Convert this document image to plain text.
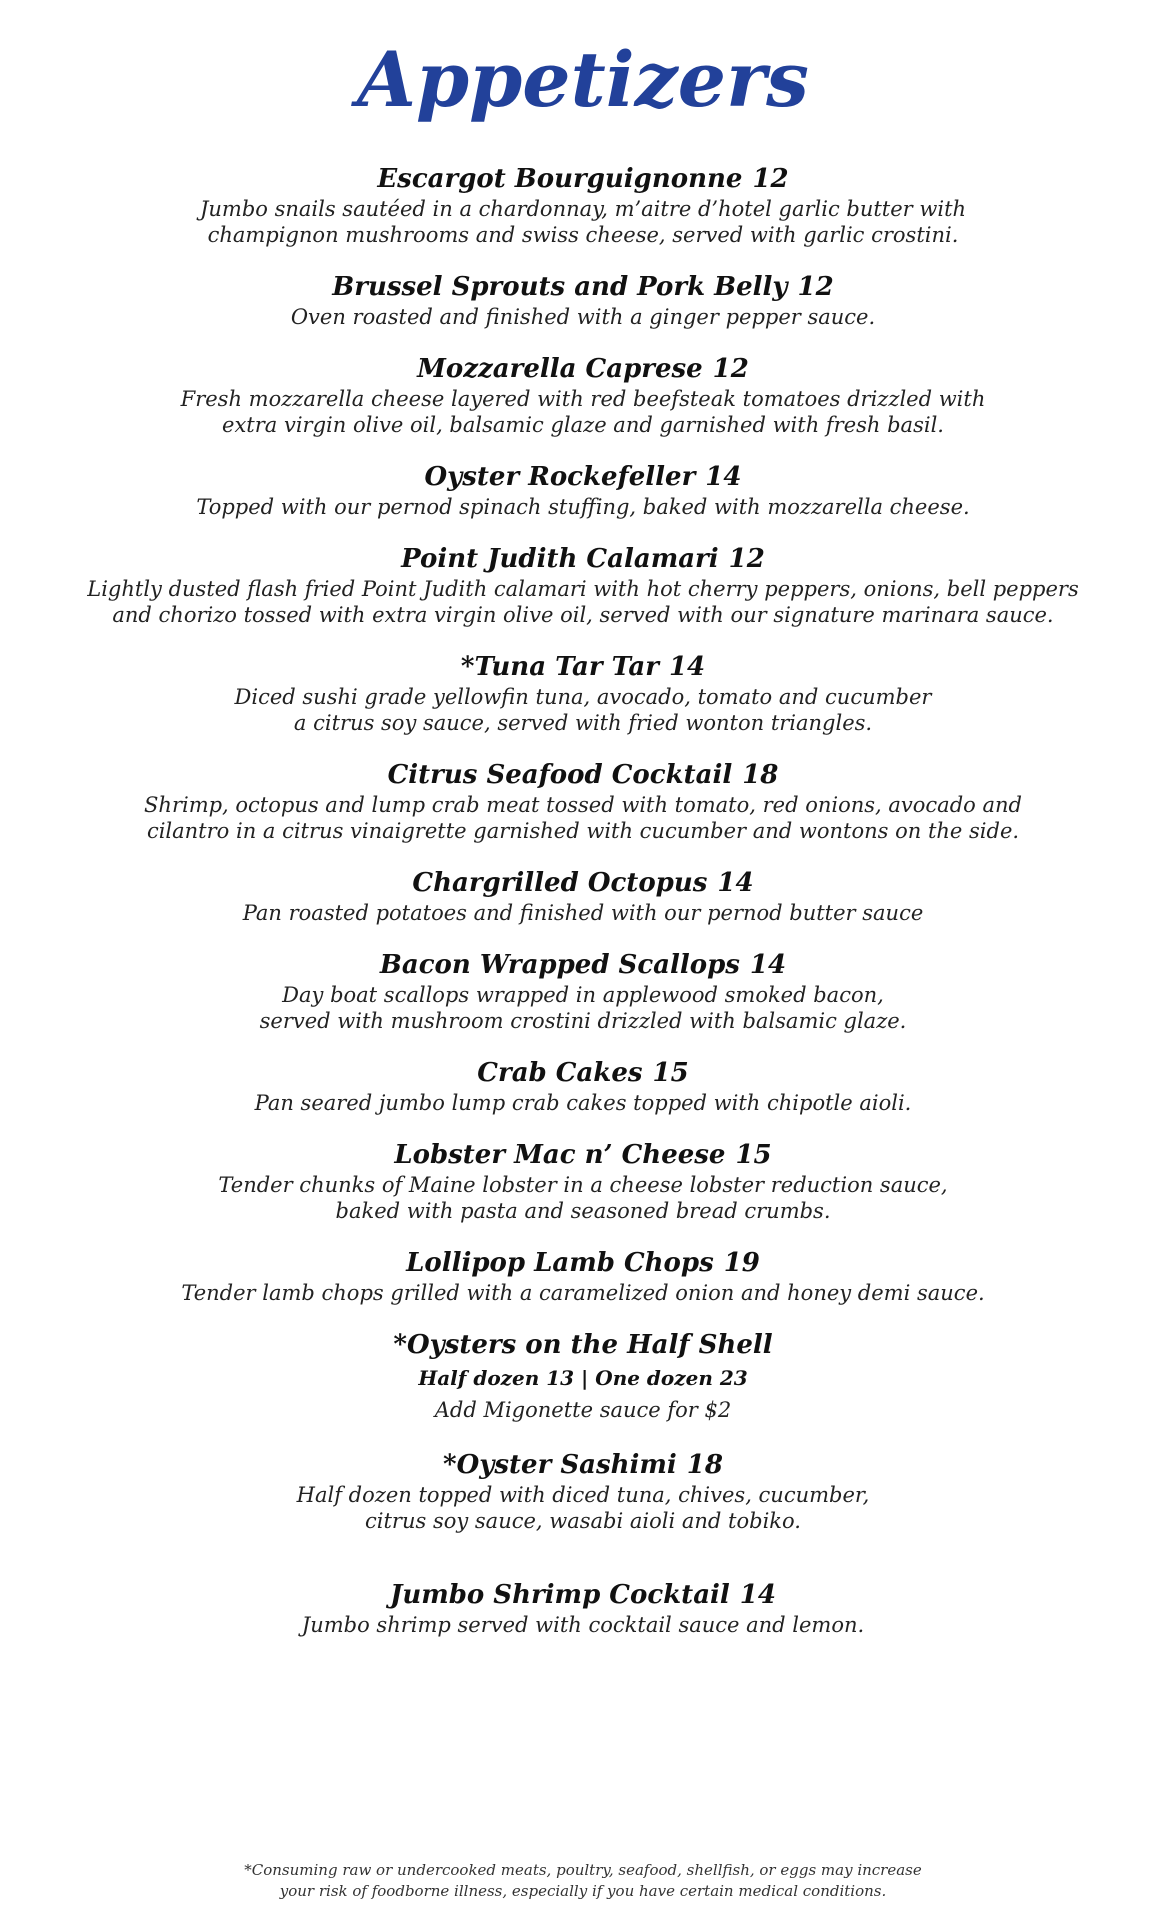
Appetizers
Escargot Bourguignonne 12
Jumbo snails sautéed in a chardonnay, m’aitre d’hotel garlic butter with
champignon mushrooms and swiss cheese, served with garlic crostini.
Brussel Sprouts and Pork Belly 12
Oven roasted and finished with a ginger pepper sauce.
Mozzarella Caprese 12
Fresh mozzarella cheese layered with red beefsteak tomatoes drizzled with
extra virgin olive oil, balsamic glaze and garnished with fresh basil.
Oyster Rockefeller 14
Topped with our pernod spinach stuffing, baked with mozzarella cheese.
Point Judith Calamari 12
Lightly dusted flash fried Point Judith calamari with hot cherry peppers, onions, bell peppers
and chorizo tossed with extra virgin olive oil, served with our signature marinara sauce.
*Tuna Tar Tar 14
Diced sushi grade yellowfin tuna, avocado, tomato and cucumber
a citrus soy sauce, served with fried wonton triangles.
Citrus Seafood Cocktail 18
Shrimp, octopus and lump crab meat tossed with tomato, red onions, avocado and
cilantro in a citrus vinaigrette garnished with cucumber and wontons on the side.
Chargrilled Octopus 14
Pan roasted potatoes and finished with our pernod butter sauce
Bacon Wrapped Scallops 14
Day boat scallops wrapped in applewood smoked bacon,
served with mushroom crostini drizzled with balsamic glaze.
Crab Cakes 15
Pan seared jumbo lump crab cakes topped with chipotle aioli.
Lobster Mac n’ Cheese 15
Tender chunks of Maine lobster in a cheese lobster reduction sauce,
baked with pasta and seasoned bread crumbs.
Lollipop Lamb Chops 19
Tender lamb chops grilled with a caramelized onion and honey demi sauce.
*Oysters on the Half Shell
Half dozen 13 | One dozen 23
Add Migonette sauce for $2
*Oyster Sashimi 18
Half dozen topped with diced tuna, chives, cucumber,
citrus soy sauce, wasabi aioli and tobiko.
Jumbo Shrimp Cocktail 14
Jumbo shrimp served with cocktail sauce and lemon.
*Consuming raw or undercooked meats, poultry, seafood, shellfish, or eggs may increase
your risk of foodborne illness, especially if you have certain medical conditions.
